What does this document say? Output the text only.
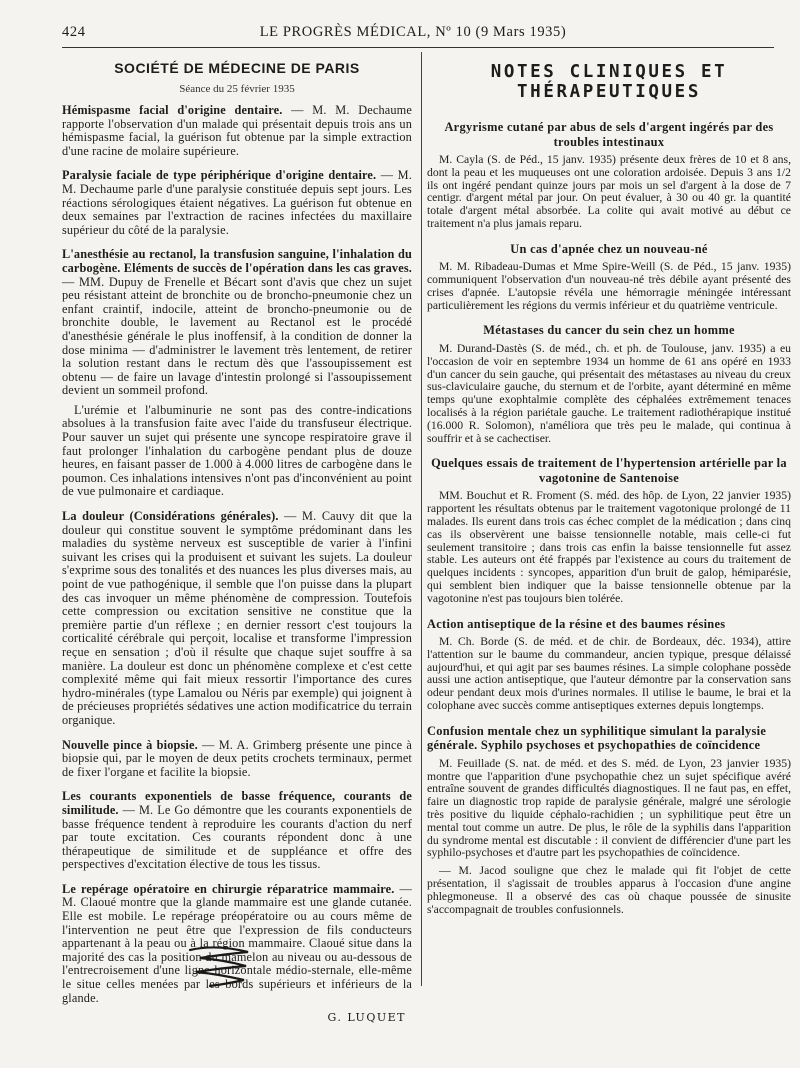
424	LE PROGRÈS MÉDICAL, Nº 10 (9 Mars 1935)
SOCIÉTÉ DE MÉDECINE DE PARIS
Séance du 25 février 1935

Hémispasme facial d'origine dentaire. — M. M. Dechaume rapporte l'observation d'un malade qui présentait depuis trois ans un hémispasme facial, la guérison fut obtenue par la simple extraction d'une racine de molaire supérieure.

Paralysie faciale de type périphérique d'origine dentaire. — M. M. Dechaume parle d'une paralysie constituée depuis sept jours. Les réactions sérologiques étaient négatives. La guérison fut obtenue en deux semaines par l'extraction de racines infectées du maxillaire supérieur du côté de la paralysie.

L'anesthésie au rectanol, la transfusion sanguine, l'inhalation du carbogène. Eléments de succès de l'opération dans les cas graves. — MM. Dupuy de Frenelle et Bécart sont d'avis que chez un sujet peu résistant atteint de bronchite ou de broncho-pneumonie chez un enfant craintif, indocile, atteint de broncho-pneumonie ou de bronchite double, le lavement au Rectanol est le procédé d'anesthésie générale le plus inoffensif, à la condition de donner la dose minima — d'administrer le lavement très lentement, de retirer la solution restant dans le rectum dès que l'assoupissement est obtenu — de faire un lavage d'intestin prolongé si l'assoupissement devient un sommeil profond.

L'urémie et l'albuminurie ne sont pas des contre-indications absolues à la transfusion faite avec l'aide du transfuseur électrique. Pour sauver un sujet qui présente une syncope respiratoire grave il faut prolonger l'inhalation du carbogène pendant plus de douze heures, en faisant passer de 1.000 à 4.000 litres de carbogène dans le poumon. Ces inhalations intensives n'ont pas d'inconvénient au point de vue pulmonaire et cardiaque.

La douleur (Considérations générales). — M. Cauvy dit que la douleur qui constitue souvent le symptôme prédominant dans les maladies du système nerveux est susceptible de varier à l'infini suivant les crises qui la produisent et suivant les sujets. La douleur s'exprime sous des tonalités et des nuances les plus diverses mais, au point de vue pathogénique, il semble que l'on puisse dans la plupart des cas invoquer un même phénomène de compression. Toutefois cette compression ou excitation sensitive ne constitue que la première partie d'un réflexe ; en dernier ressort c'est toujours la corticalité cérébrale qui perçoit, localise et transforme l'impression reçue en sensation ; d'où il résulte que chaque sujet souffre à sa manière. La douleur est donc un phénomène complexe et c'est cette complexité même qui fait mieux ressortir l'importance des cures hydro-minérales (type Lamalou ou Néris par exemple) qui joignent à de précieuses propriétés sédatives une action modificatrice du terrain organique.

Nouvelle pince à biopsie. — M. A. Grimberg présente une pince à biopsie qui, par le moyen de deux petits crochets terminaux, permet de fixer l'organe et facilite la biopsie.

Les courants exponentiels de basse fréquence, courants de similitude. — M. Le Go démontre que les courants exponentiels de basse fréquence tendent à reproduire les courants d'action du nerf par toute excitation. Ces courants répondent donc à une thérapeutique de similitude et de suppléance et offre des perspectives d'excitation élective de tous les tissus.

Le repérage opératoire en chirurgie réparatrice mammaire. — M. Claoué montre que la glande mammaire est une glande cutanée. Elle est mobile. Le repérage préopératoire ou au cours même de l'intervention ne peut être que l'expression de fils conducteurs appartenant à la peau ou à la région mammaire. Claoué situe dans la majorité des cas la position du mamelon au niveau ou au-dessous de l'entrecroisement d'une ligne horizontale médio-sternale, elle-même le situe celles menées par les bords supérieurs et inférieurs de la glande.

G. LUQUET
NOTES CLINIQUES ET THÉRAPEUTIQUES
Argyrisme cutané par abus de sels d'argent ingérés par des troubles intestinaux

M. Cayla (S. de Péd., 15 janv. 1935) présente deux frères de 10 et 8 ans, dont la peau et les muqueuses ont une coloration ardoisée. Depuis 3 ans 1/2 ils ont ingéré pendant quinze jours par mois un sel d'argent à la dose de 7 centigr. d'argent métal par jour. On peut évaluer, à 30 ou 40 gr. la quantité totale d'argent métal absorbée. La colite qui avait motivé au début ce traitement n'a plus jamais reparu.

Un cas d'apnée chez un nouveau-né

M. M. Ribadeau-Dumas et Mme Spire-Weill (S. de Péd., 15 janv. 1935) communiquent l'observation d'un nouveau-né très débile ayant présenté des crises d'apnée. L'autopsie révéla une hémorragie méningée intéressant particulièrement les régions du vermis inférieur et du quatrième ventricule.

Métastases du cancer du sein chez un homme

M. Durand-Dastès (S. de méd., ch. et ph. de Toulouse, janv. 1935) a eu l'occasion de voir en septembre 1934 un homme de 61 ans opéré en 1933 d'un cancer du sein gauche, qui présentait des métastases au niveau du creux sus-claviculaire gauche, du sternum et de l'orbite, ayant déterminé en même temps qu'une exophtalmie complète des céphalées extrêmement tenaces localisés à la région pariétale gauche. Le traitement radiothérapique institué (16.000 R. Solomon), n'améliora que très peu le malade, qui continua à souffrir et à se cachectiser.

Quelques essais de traitement de l'hypertension artérielle par la vagotonine de Santenoise

MM. Bouchut et R. Froment (S. méd. des hôp. de Lyon, 22 janvier 1935) rapportent les résultats obtenus par le traitement vagotonique prolongé de 11 malades. Ils eurent dans trois cas échec complet de la médication ; dans cinq cas ils observèrent une baisse tensionnelle notable, mais celle-ci fut seulement transitoire ; dans trois cas enfin la baisse tensionnelle fut assez stable. Les auteurs ont été frappés par l'existence au cours du traitement de quelques incidents : syncopes, apparition d'un bruit de galop, hémiparésie, qui semblent bien indiquer que la baisse tensionnelle obtenue par la vagotonine n'est pas toujours bien tolérée.

Action antiseptique de la résine et des baumes résines

M. Ch. Borde (S. de méd. et de chir. de Bordeaux, déc. 1934), attire l'attention sur le baume du commandeur, ancien typique, presque délaissé aujourd'hui, et qui agit par ses baumes résines. La simple colophane possède aussi une action antiseptique, que l'auteur démontre par la conservation sans odeur pendant deux mois d'urines normales. Il utilise le baume, le brai et la colophane avec succès comme antiseptiques externes depuis longtemps.

Confusion mentale chez un syphilitique simulant la paralysie générale. Syphilo psychoses et psychopathies de coïncidence

M. Feuillade (S. nat. de méd. et des S. méd. de Lyon, 23 janvier 1935) montre que l'apparition d'une psychopathie chez un sujet spécifique avéré entraîne souvent de grandes difficultés diagnostiques. Il ne faut pas, en effet, faire un diagnostic trop rapide de paralysie générale, malgré une sérologie très positive du liquide céphalo-rachidien ; un syphilitique peut être un mental tout comme un autre. De plus, le rôle de la syphilis dans l'apparition du syndrome mental est discutable : il convient de différencier d'une part les syphilo-psychoses et d'autre part les psychopathies de coïncidence.

— M. Jacod souligne que chez le malade qui fit l'objet de cette présentation, il s'agissait de troubles apparus à l'occasion d'une angine phlegmoneuse. Il a observé des cas où chaque poussée de sinusite s'accompagnait de troubles confusionnels.
